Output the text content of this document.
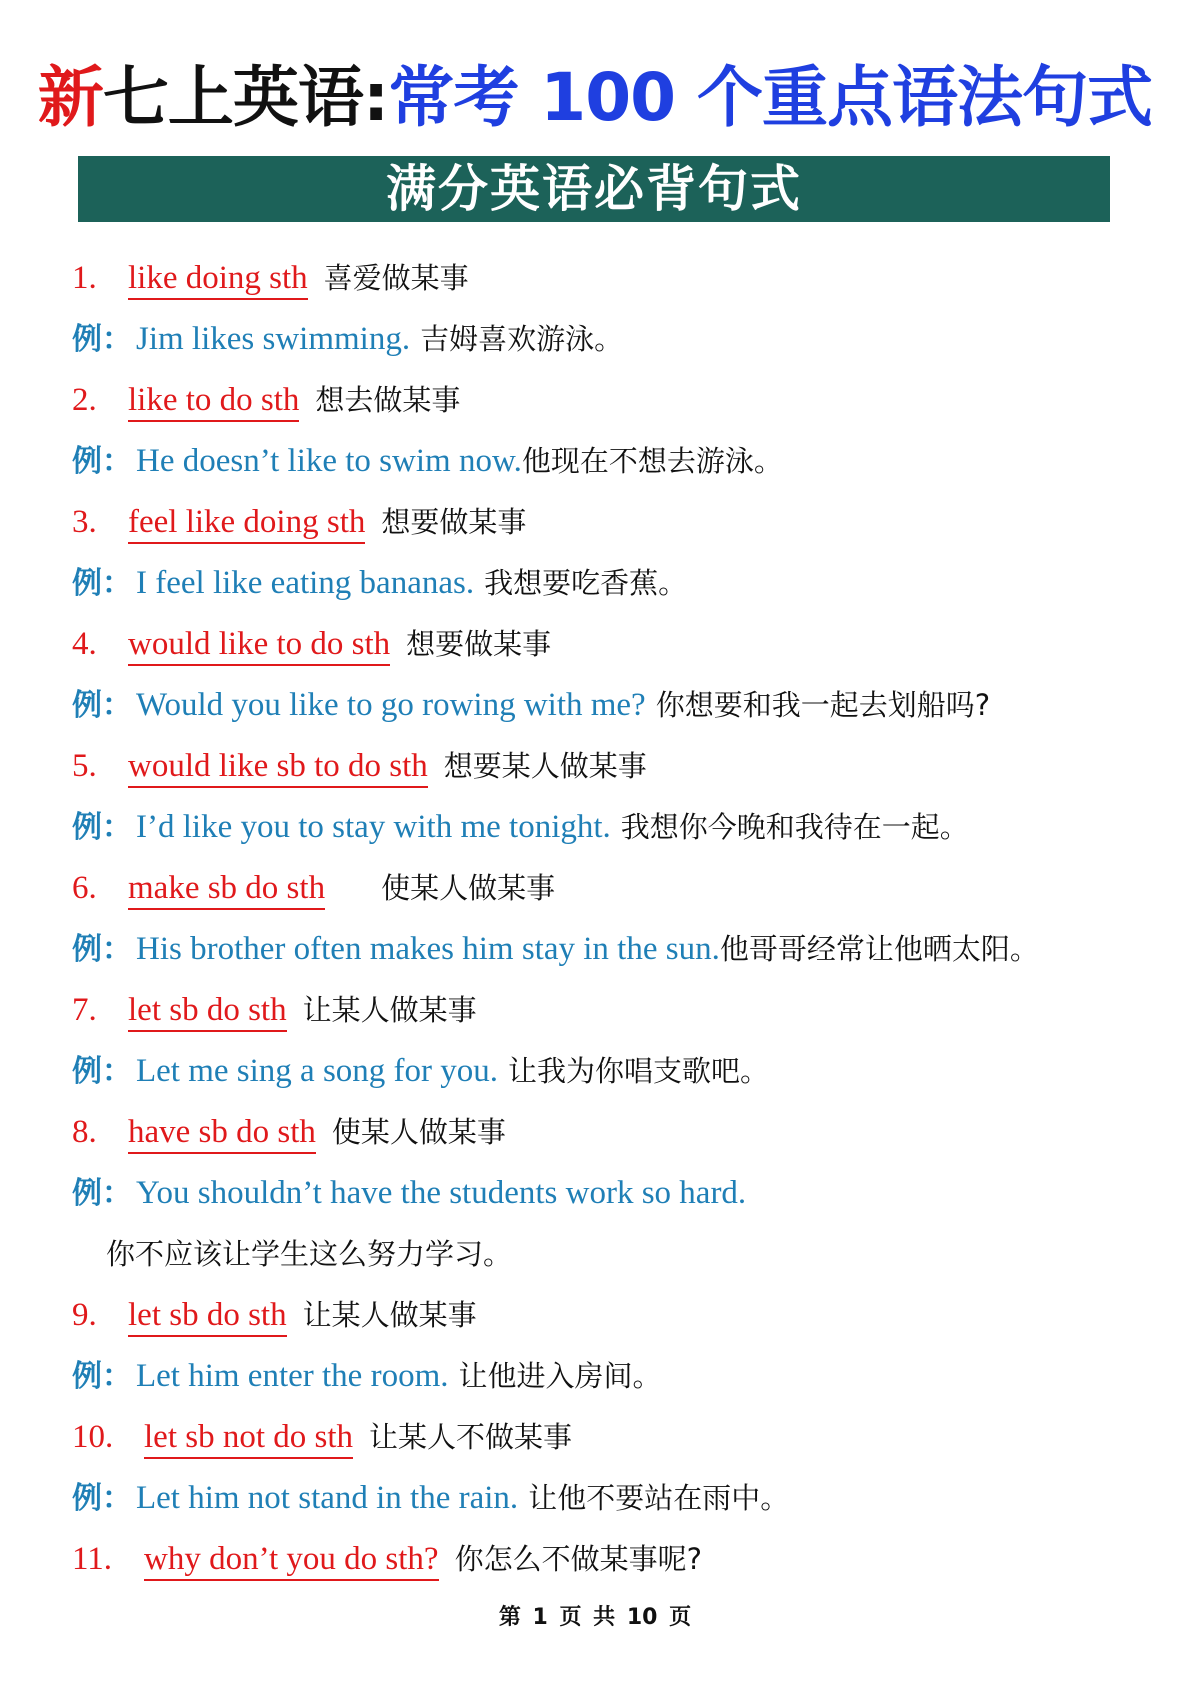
新七上英语:常考 100 个重点语法句式
满分英语必背句式
1. like doing sth 喜爱做某事
例： Jim likes swimming. 吉姆喜欢游泳。
2. like to do sth 想去做某事
例： He doesn’t like to swim now.他现在不想去游泳。
3. feel like doing sth 想要做某事
例： I feel like eating bananas. 我想要吃香蕉。
4. would like to do sth 想要做某事
例： Would you like to go rowing with me? 你想要和我一起去划船吗?
5. would like sb to do sth 想要某人做某事
例： I’d like you to stay with me tonight. 我想你今晚和我待在一起。
6. make sb do sth 使某人做某事
例： His brother often makes him stay in the sun.他哥哥经常让他晒太阳。
7. let sb do sth 让某人做某事
例： Let me sing a song for you. 让我为你唱支歌吧。
8. have sb do sth 使某人做某事
例： You shouldn’t have the students work so hard.
你不应该让学生这么努力学习。
9. let sb do sth 让某人做某事
例： Let him enter the room. 让他进入房间。
10. let sb not do sth 让某人不做某事
例： Let him not stand in the rain. 让他不要站在雨中。
11. why don’t you do sth? 你怎么不做某事呢?
第 1 页 共 10 页
